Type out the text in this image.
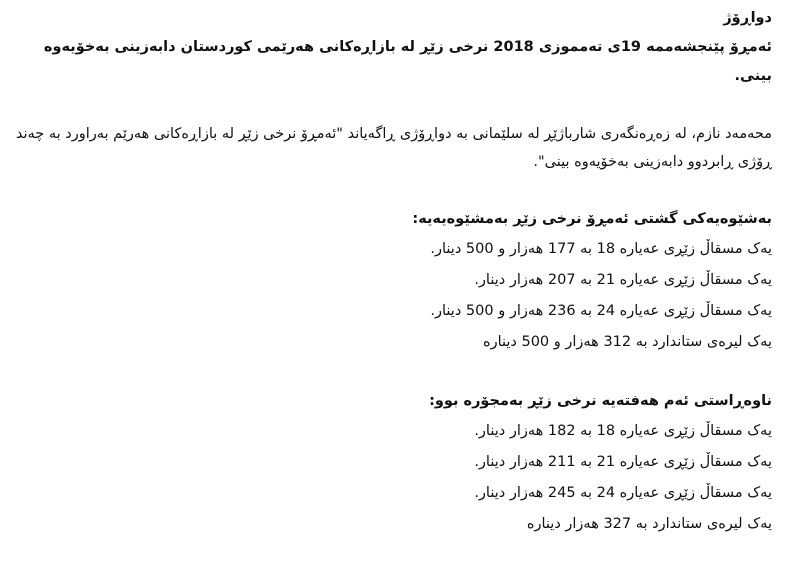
دواڕۆژ
ئەمڕۆ پێنجشەممە 19ی تەمموزی 2018 نرخی زێڕ لە بازاڕەکانی هەرێمی کوردستان دابەزینی بەخۆیەوە بینی.
محەمەد نازم، لە زەڕەنگەری شارباژێڕ لە سلێمانی بە دواڕۆژی ڕاگەیاند "ئەمڕۆ نرخی زێڕ لە بازاڕەکانی هەرێم بەراورد بە چەند ڕۆژی ڕابردوو دابەزینی بەخۆیەوە بینی".
بەشێوەیەکی گشتی ئەمڕۆ نرخی زێڕ بەمشێوەیەیە:
یەک مسقاڵ زێڕی عەیارە 18 بە 177 هەزار و 500 دینار.
یەک مسقاڵ زێڕی عەیارە 21 بە 207 هەزار دینار.
یەک مسقاڵ زێڕی عەیارە 24 بە 236 هەزار و 500 دینار.
یەک لیرەی ستاندارد بە 312 هەزار و 500 دینارە
ناوەڕاستی ئەم هەفتەیە نرخی زێڕ بەمجۆرە بوو:
یەک مسقاڵ زێڕی عەیارە 18 بە 182 هەزار دینار.
یەک مسقاڵ زێڕی عەیارە 21 بە 211 هەزار دینار.
یەک مسقاڵ زێڕی عەیارە 24 بە 245 هەزار دینار.
یەک لیرەی ستاندارد بە 327 هەزار دینارە
